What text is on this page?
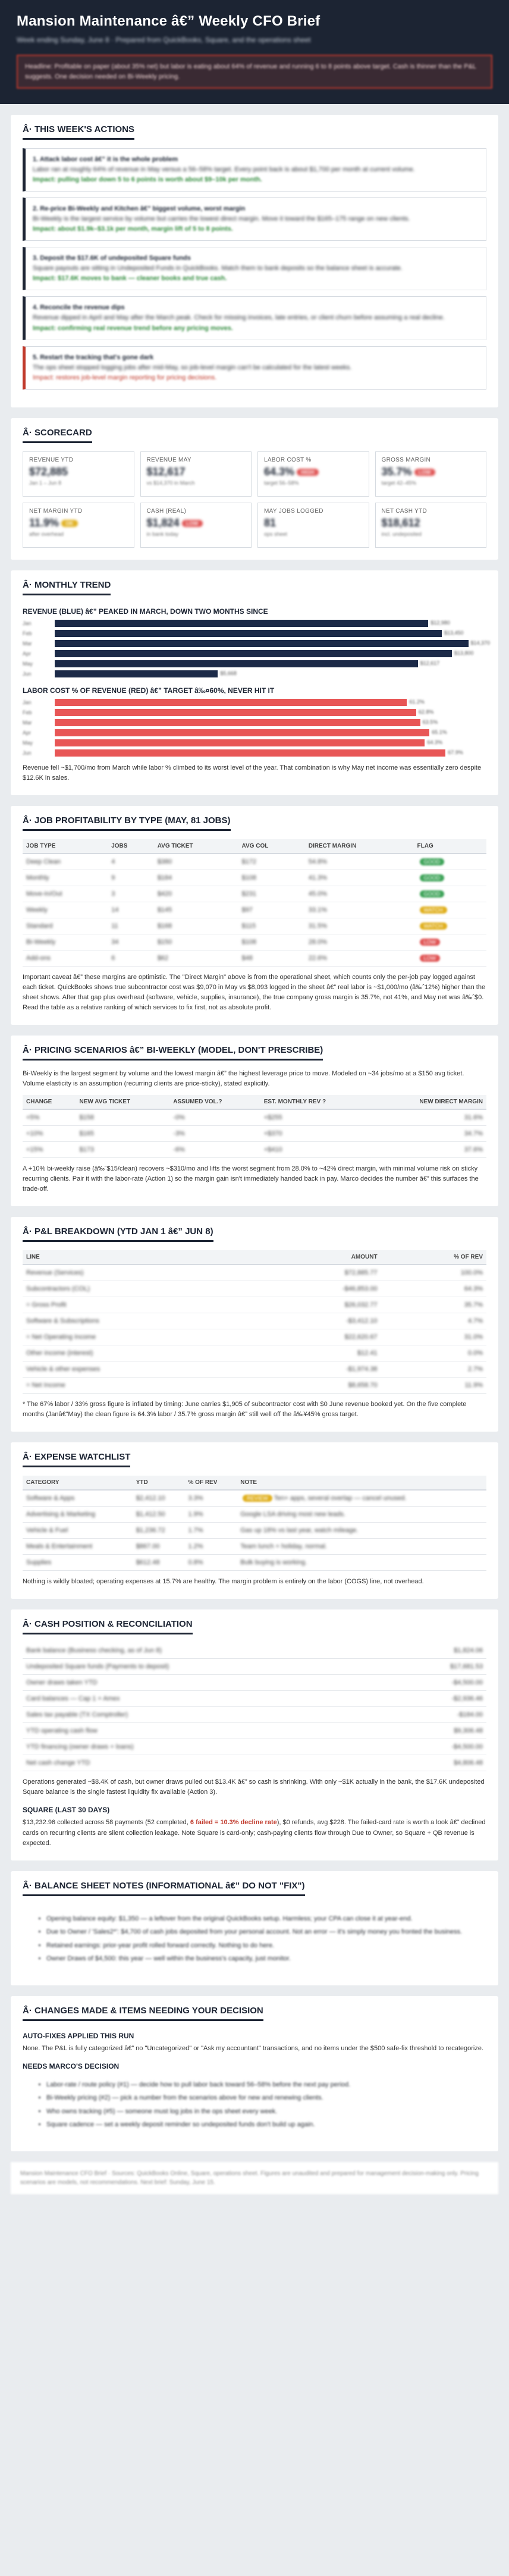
Mansion Maintenance â€” Weekly CFO Brief
Week ending Sunday, June 8 · Prepared from QuickBooks, Square, and the operations sheet
Headline: Profitable on paper (about 35% net) but labor is eating about 64% of revenue and running 6 to 8 points above target. Cash is thinner than the P&L suggests. One decision needed on Bi-Weekly pricing.
Â· THIS WEEK'S ACTIONS
1. Attack labor cost â€” it is the whole problem
Labor ran at roughly 64% of revenue in May versus a 56–58% target. Every point back is about $1,700 per month at current volume.
Impact: pulling labor down 5 to 6 points is worth about $9–10k per month.
2. Re-price Bi-Weekly and Kitchen â€” biggest volume, worst margin
Bi-Weekly is the largest service by volume but carries the lowest direct margin. Move it toward the $165–175 range on new clients.
Impact: about $1.9k–$3.1k per month, margin lift of 5 to 8 points.
3. Deposit the $17.6K of undeposited Square funds
Square payouts are sitting in Undeposited Funds in QuickBooks. Match them to bank deposits so the balance sheet is accurate.
Impact: $17.6K moves to bank — cleaner books and true cash.
4. Reconcile the revenue dips
Revenue dipped in April and May after the March peak. Check for missing invoices, late entries, or client churn before assuming a real decline.
Impact: confirming real revenue trend before any pricing moves.
5. Restart the tracking that's gone dark
The ops sheet stopped logging jobs after mid-May, so job-level margin can't be calculated for the latest weeks.
Impact: restores job-level margin reporting for pricing decisions.
Â· SCORECARD
REVENUE YTD
$72,885
Jan 1 – Jun 8
REVENUE MAY
$12,617
vs $14,370 in March
LABOR COST %
64.3% HIGH
target 56–58%
GROSS MARGIN
35.7% LOW
target 42–45%
NET MARGIN YTD
11.9% OK
after overhead
CASH (REAL)
$1,824 LOW
in bank today
MAY JOBS LOGGED
81
ops sheet
NET CASH YTD
$18,612
incl. undeposited
Â· MONTHLY TREND
REVENUE (BLUE) â€” PEAKED IN MARCH, DOWN TWO MONTHS SINCE
Jan	$12,980
Feb	$13,450
Mar	$14,370
Apr	$13,800
May	$12,617
Jun	$5,668
LABOR COST % OF REVENUE (RED) â€” TARGET â‰¤60%, NEVER HIT IT
Jan	61.2%
Feb	62.8%
Mar	63.5%
Apr	65.1%
May	64.3%
Jun	67.9%
Revenue fell ~$1,700/mo from March while labor % climbed to its worst level of the year. That combination is why May net income was essentially zero despite $12.6K in sales.
Â· JOB PROFITABILITY BY TYPE (MAY, 81 JOBS)
JOB TYPE	JOBS	AVG TICKET	AVG COL	DIRECT MARGIN	FLAG
Deep Clean	4	$380	$172	54.8%	GOOD
Monthly	9	$184	$108	41.3%	GOOD
Move-In/Out	3	$420	$231	45.0%	GOOD
Weekly	14	$145	$97	33.1%	WATCH
Standard	11	$168	$115	31.5%	WATCH
Bi-Weekly	34	$150	$108	28.0%	LOW
Add-ons	6	$62	$48	22.6%	LOW
Important caveat â€” these margins are optimistic. The "Direct Margin" above is from the operational sheet, which counts only the per-job pay logged against each ticket. QuickBooks shows true subcontractor cost was $9,070 in May vs $8,093 logged in the sheet â€” real labor is ~$1,000/mo (â‰ˆ12%) higher than the sheet shows. After that gap plus overhead (software, vehicle, supplies, insurance), the true company gross margin is 35.7%, not 41%, and May net was â‰ˆ$0. Read the table as a relative ranking of which services to fix first, not as absolute profit.
Â· PRICING SCENARIOS â€” BI-WEEKLY (MODEL, DON'T PRESCRIBE)
Bi-Weekly is the largest segment by volume and the lowest margin â€” the highest leverage price to move. Modeled on ~34 jobs/mo at a $150 avg ticket. Volume elasticity is an assumption (recurring clients are price-sticky), stated explicitly.
CHANGE	NEW AVG TICKET	ASSUMED VOL.?	EST. MONTHLY REV ?	NEW DIRECT MARGIN
+5%	$158	-0%	+$255	31.6%
+10%	$165	-3%	+$370	34.7%
+15%	$173	-6%	+$410	37.6%
A +10% bi-weekly raise (â‰ˆ$15/clean) recovers ~$310/mo and lifts the worst segment from 28.0% to ~42% direct margin, with minimal volume risk on sticky recurring clients. Pair it with the labor-rate (Action 1) so the margin gain isn't immediately handed back in pay. Marco decides the number â€” this surfaces the trade-off.
Â· P&L BREAKDOWN (YTD JAN 1 â€” JUN 8)
LINE	AMOUNT	% OF REV
Revenue (Services)	$72,885.77	100.0%
Subcontractors (COL)	-$46,853.00	64.3%
= Gross Profit	$26,032.77	35.7%
Software & Subscriptions	-$3,412.10	4.7%
= Net Operating Income	$22,620.67	31.0%
Other income (interest)	$12.41	0.0%
Vehicle & other expenses	-$1,974.38	2.7%
= Net Income	$8,658.70	11.9%
* The 67% labor / 33% gross figure is inflated by timing: June carries $1,905 of subcontractor cost with $0 June revenue booked yet. On the five complete months (Janâ€“May) the clean figure is 64.3% labor / 35.7% gross margin â€” still well off the â‰¥45% gross target.
Â· EXPENSE WATCHLIST
CATEGORY	YTD	% OF REV	NOTE
Software & Apps	$2,412.10	3.3%	REVIEW Ten+ apps, several overlap — cancel unused.
Advertising & Marketing	$1,412.50	1.9%	Google LSA driving most new leads.
Vehicle & Fuel	$1,236.72	1.7%	Gas up 18% vs last year, watch mileage.
Meals & Entertainment	$867.00	1.2%	Team lunch + holiday, normal.
Supplies	$612.48	0.8%	Bulk buying is working.
Nothing is wildly bloated; operating expenses at 15.7% are healthy. The margin problem is entirely on the labor (COGS) line, not overhead.
Â· CASH POSITION & RECONCILIATION
Bank balance (Business checking, as of Jun 8)	$1,824.06
Undeposited Square funds (Payments to deposit)	$17,681.53
Owner draws taken YTD	-$4,500.00
Card balances — Cap 1 + Amex	-$2,936.46
Sales tax payable (TX Comptroller)	-$184.00
YTD operating cash flow	$9,306.48
YTD financing (owner draws + loans)	-$4,500.00
Net cash change YTD	$4,806.48
Operations generated ~$8.4K of cash, but owner draws pulled out $13.4K â€” so cash is shrinking. With only ~$1K actually in the bank, the $17.6K undeposited Square balance is the single fastest liquidity fix available (Action 3).
SQUARE (LAST 30 DAYS)
$13,232.96 collected across 58 payments (52 completed, 6 failed = 10.3% decline rate), $0 refunds, avg $228. The failed-card rate is worth a look â€” declined cards on recurring clients are silent collection leakage. Note Square is card-only; cash-paying clients flow through Due to Owner, so Square + QB revenue is expected.
Â· BALANCE SHEET NOTES (INFORMATIONAL â€” DO NOT "FIX")
• Opening balance equity: $1,350 — a leftover from the original QuickBooks setup. Harmless; your CPA can close it at year-end.
• Due to Owner / 'Sales2*': $4,700 of cash jobs deposited from your personal account. Not an error — it's simply money you fronted the business.
• Retained earnings: prior-year profit rolled forward correctly. Nothing to do here.
• Owner Draws of $4,500: this year — well within the business's capacity, just monitor.
Â· CHANGES MADE & ITEMS NEEDING YOUR DECISION
AUTO-FIXES APPLIED THIS RUN
None. The P&L is fully categorized â€” no "Uncategorized" or "Ask my accountant" transactions, and no items under the $500 safe-fix threshold to recategorize.
NEEDS MARCO'S DECISION
• Labor-rate / route policy (#1) — decide how to pull labor back toward 56–58% before the next pay period.
• Bi-Weekly pricing (#2) — pick a number from the scenarios above for new and renewing clients.
• Who owns tracking (#5) — someone must log jobs in the ops sheet every week.
• Square cadence — set a weekly deposit reminder so undeposited funds don't build up again.
Mansion Maintenance CFO Brief · Sources: QuickBooks Online, Square, operations sheet. Figures are unaudited and prepared for management decision-making only. Pricing scenarios are models, not recommendations. Next brief: Sunday, June 15.
